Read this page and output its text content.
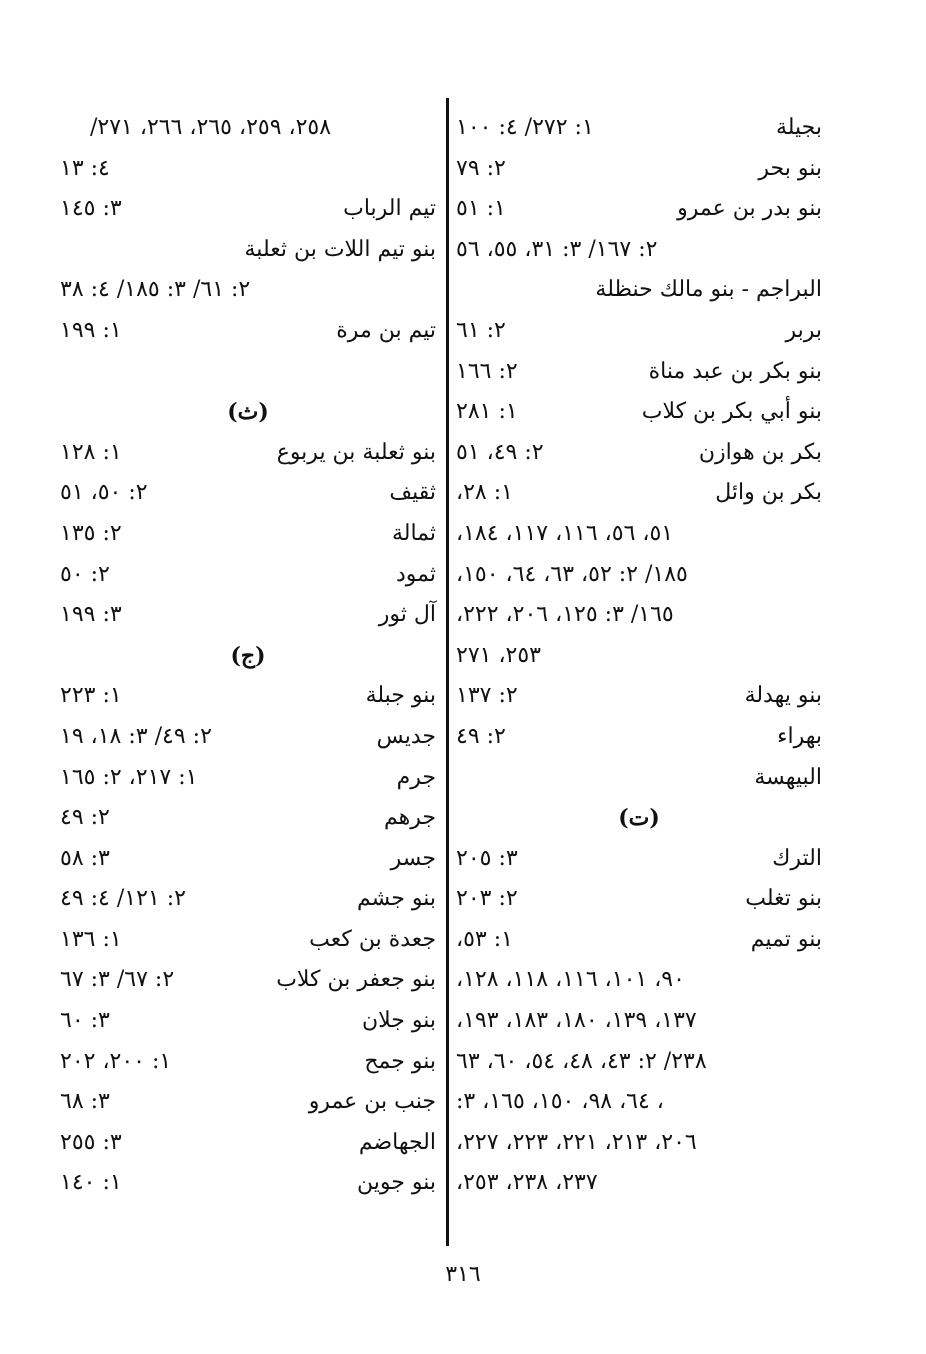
بجيلة
١: ٢٧٢/ ٤: ١٠٠
بنو بحر
٢: ٧٩
بنو بدر بن عمرو
١: ٥١
٢: ١٦٧/ ٣: ٣١، ٥٥، ٥٦
البراجم - بنو مالك حنظلة
بربر
٢: ٦١
بنو بكر بن عبد مناة
٢: ١٦٦
بنو أبي بكر بن كلاب
١: ٢٨١
بكر بن هوازن
٢: ٤٩، ٥١
بكر بن وائل
١: ٢٨،
٥١، ٥٦، ١١٦، ١١٧، ١٨٤،
١٨٥/ ٢: ٥٢، ٦٣، ٦٤، ١٥٠،
١٦٥/ ٣: ١٢٥، ٢٠٦، ٢٢٢،
٢٥٣، ٢٧١
بنو يهدلة
٢: ١٣٧
بهراء
٢: ٤٩
البيهسة
(ت)
الترك
٣: ٢٠٥
بنو تغلب
٢: ٢٠٣
بنو تميم
١: ٥٣،
٩٠، ١٠١، ١١٦، ١١٨، ١٢٨،
١٣٧، ١٣٩، ١٨٠، ١٨٣، ١٩٣،
٢٣٨/ ٢: ٤٣، ٤٨، ٥٤، ٦٠، ٦٣
، ٦٤، ٩٨، ١٥٠، ١٦٥، ٣:
٢٠٦، ٢١٣، ٢٢١، ٢٢٣، ٢٢٧،
٢٣٧، ٢٣٨، ٢٥٣،
٢٥٨، ٢٥٩، ٢٦٥، ٢٦٦، ٢٧١/
٤: ١٣
تيم الرباب
٣: ١٤٥
بنو تيم اللات بن ثعلبة
٢: ٦١/ ٣: ١٨٥/ ٤: ٣٨
تيم بن مرة
١: ١٩٩
(ث)
بنو ثعلبة بن يربوع
١: ١٢٨
ثقيف
٢: ٥٠، ٥١
ثمالة
٢: ١٣٥
ثمود
٢: ٥٠
آل ثور
٣: ١٩٩
(ج)
بنو جبلة
١: ٢٢٣
جديس
٢: ٤٩/ ٣: ١٨، ١٩
جرم
١: ٢١٧، ٢: ١٦٥
جرهم
٢: ٤٩
جسر
٣: ٥٨
بنو جشم
٢: ١٢١/ ٤: ٤٩
جعدة بن كعب
١: ١٣٦
بنو جعفر بن كلاب
٢: ٦٧/ ٣: ٦٧
بنو جلان
٣: ٦٠
بنو جمح
١: ٢٠٠، ٢٠٢
جنب بن عمرو
٣: ٦٨
الجهاضم
٣: ٢٥٥
بنو جوين
١: ١٤٠
٣١٦
